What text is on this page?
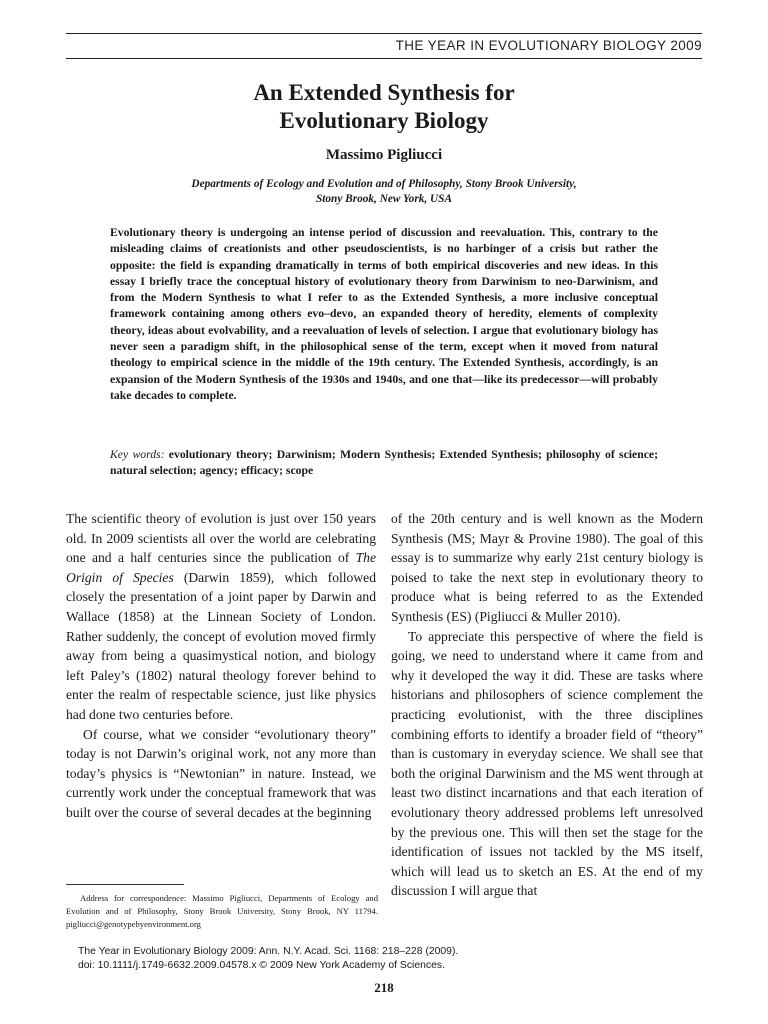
THE YEAR IN EVOLUTIONARY BIOLOGY 2009
An Extended Synthesis for
Evolutionary Biology
Massimo Pigliucci
Departments of Ecology and Evolution and of Philosophy, Stony Brook University,
Stony Brook, New York, USA
Evolutionary theory is undergoing an intense period of discussion and reevaluation. This, contrary to the misleading claims of creationists and other pseudoscientists, is no harbinger of a crisis but rather the opposite: the field is expanding dramatically in terms of both empirical discoveries and new ideas. In this essay I briefly trace the conceptual history of evolutionary theory from Darwinism to neo-Darwinism, and from the Modern Synthesis to what I refer to as the Extended Synthesis, a more inclusive conceptual framework containing among others evo–devo, an expanded theory of heredity, elements of complexity theory, ideas about evolvability, and a reevaluation of levels of selection. I argue that evolutionary biology has never seen a paradigm shift, in the philosophical sense of the term, except when it moved from natural theology to empirical science in the middle of the 19th century. The Extended Synthesis, accordingly, is an expansion of the Modern Synthesis of the 1930s and 1940s, and one that—like its predecessor—will probably take decades to complete.
Key words: evolutionary theory; Darwinism; Modern Synthesis; Extended Synthesis; philosophy of science; natural selection; agency; efficacy; scope

The scientific theory of evolution is just over 150 years old. In 2009 scientists all over the world are celebrating one and a half centuries since the publication of The Origin of Species (Darwin 1859), which followed closely the presentation of a joint paper by Darwin and Wallace (1858) at the Linnean Society of London. Rather suddenly, the concept of evolution moved firmly away from being a quasimystical notion, and biology left Paley’s (1802) natural theology forever behind to enter the realm of respectable science, just like physics had done two centuries before.

Of course, what we consider “evolutionary theory” today is not Darwin’s original work, not any more than today’s physics is “Newtonian” in nature. Instead, we currently work under the conceptual framework that was built over the course of several decades at the beginning

of the 20th century and is well known as the Modern Synthesis (MS; Mayr & Provine 1980). The goal of this essay is to summarize why early 21st century biology is poised to take the next step in evolutionary theory to produce what is being referred to as the Extended Synthesis (ES) (Pigliucci & Muller 2010).

To appreciate this perspective of where the field is going, we need to understand where it came from and why it developed the way it did. These are tasks where historians and philosophers of science complement the practicing evolutionist, with the three disciplines combining efforts to identify a broader field of “theory” than is customary in everyday science. We shall see that both the original Darwinism and the MS went through at least two distinct incarnations and that each iteration of evolutionary theory addressed problems left unresolved by the previous one. This will then set the stage for the identification of issues not tackled by the MS itself, which will lead us to sketch an ES. At the end of my discussion I will argue that

Address for correspondence: Massimo Pigliucci, Departments of Ecology and Evolution and of Philosophy, Stony Brook University, Stony Brook, NY 11794. pigliucci@genotypebyenvironment.org
The Year in Evolutionary Biology 2009: Ann. N.Y. Acad. Sci. 1168: 218–228 (2009).
doi: 10.1111/j.1749-6632.2009.04578.x © 2009 New York Academy of Sciences.
218
